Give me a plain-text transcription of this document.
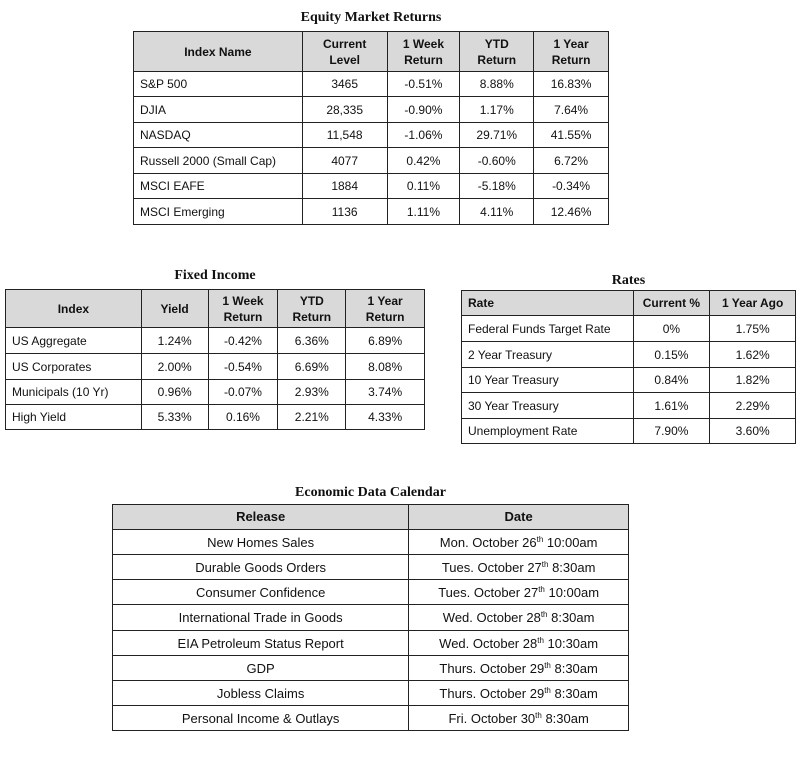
Equity Market Returns
Index Name	Current Level	1 Week Return	YTD Return	1 Year Return
S&P 500	3465	-0.51%	8.88%	16.83%
DJIA	28,335	-0.90%	1.17%	7.64%
NASDAQ	11,548	-1.06%	29.71%	41.55%
Russell 2000 (Small Cap)	4077	0.42%	-0.60%	6.72%
MSCI EAFE	1884	0.11%	-5.18%	-0.34%
MSCI Emerging	1136	1.11%	4.11%	12.46%
Fixed Income
Index	Yield	1 Week Return	YTD Return	1 Year Return
US Aggregate	1.24%	-0.42%	6.36%	6.89%
US Corporates	2.00%	-0.54%	6.69%	8.08%
Municipals (10 Yr)	0.96%	-0.07%	2.93%	3.74%
High Yield	5.33%	0.16%	2.21%	4.33%
Rates
Rate	Current %	1 Year Ago
Federal Funds Target Rate	0%	1.75%
2 Year Treasury	0.15%	1.62%
10 Year Treasury	0.84%	1.82%
30 Year Treasury	1.61%	2.29%
Unemployment Rate	7.90%	3.60%
Economic Data Calendar
Release	Date
New Homes Sales	Mon. October 26th 10:00am
Durable Goods Orders	Tues. October 27th 8:30am
Consumer Confidence	Tues. October 27th 10:00am
International Trade in Goods	Wed. October 28th 8:30am
EIA Petroleum Status Report	Wed. October 28th 10:30am
GDP	Thurs. October 29th 8:30am
Jobless Claims	Thurs. October 29th 8:30am
Personal Income & Outlays	Fri. October 30th 8:30am
